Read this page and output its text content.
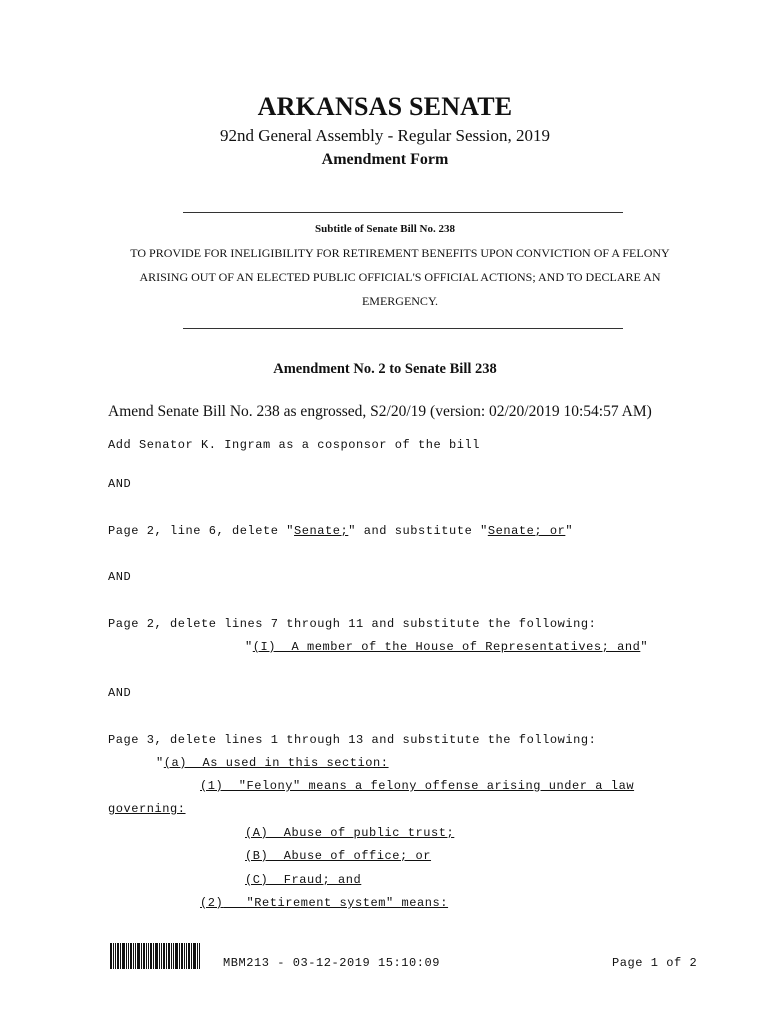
ARKANSAS SENATE
92nd General Assembly - Regular Session, 2019
Amendment Form
Subtitle of Senate Bill No. 238
TO PROVIDE FOR INELIGIBILITY FOR RETIREMENT BENEFITS UPON CONVICTION OF A FELONY
ARISING OUT OF AN ELECTED PUBLIC OFFICIAL'S OFFICIAL ACTIONS; AND TO DECLARE AN
EMERGENCY.
Amendment No. 2 to Senate Bill 238
Amend Senate Bill No. 238 as engrossed, S2/20/19 (version: 02/20/2019 10:54:57 AM)
Add Senator K. Ingram as a cosponsor of the bill
AND
Page 2, line 6, delete "Senate;" and substitute "Senate; or"
AND
Page 2, delete lines 7 through 11 and substitute the following:
"(I)  A member of the House of Representatives; and"
AND
Page 3, delete lines 1 through 13 and substitute the following:
"(a)  As used in this section:
(1)  "Felony" means a felony offense arising under a law
governing:
(A)  Abuse of public trust;
(B)  Abuse of office; or
(C)  Fraud; and
(2) "Retirement system" means:
MBM213 - 03-12-2019 15:10:09	Page 1 of 2
